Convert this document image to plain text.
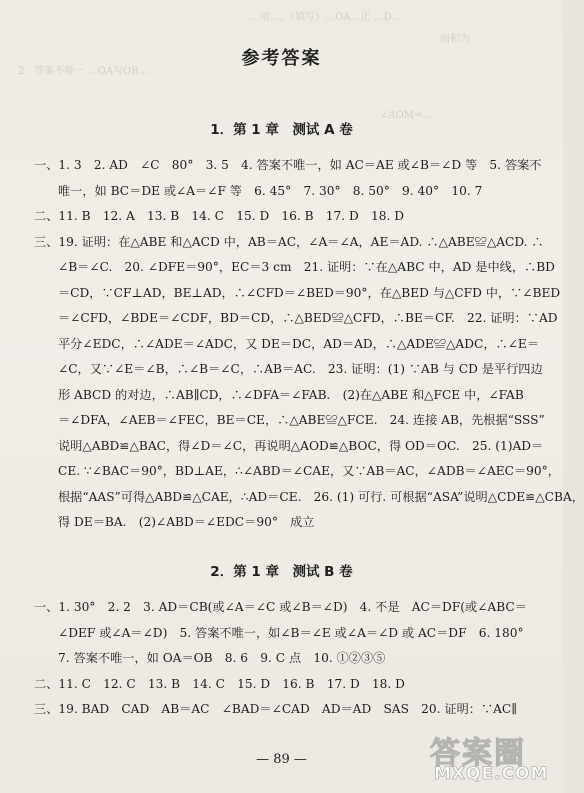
…用…，（填写）…OA…正 …D…
面积为
2．答案不唯一 …OA与OB…
∠AOM=…
参考答案
1．第 1 章　测试 A 卷
一、1. 3　2. AD　∠C　80°　3. 5　4. 答案不唯一，如 AC＝AE 或∠B＝∠D 等　5. 答案不
唯一，如 BC＝DE 或∠A＝∠F 等　6. 45°　7. 30°　8. 50°　9. 40°　10. 7
二、11. B　12. A　13. B　14. C　15. D　16. B　17. D　18. D
三、19. 证明：在△ABE 和△ACD 中，AB＝AC，∠A＝∠A，AE＝AD. ∴△ABE≌△ACD. ∴
∠B＝∠C.　20. ∠DFE＝90°，EC＝3 cm　21. 证明：∵在△ABC 中，AD 是中线，∴BD
＝CD，∵CF⊥AD，BE⊥AD，∴∠CFD＝∠BED＝90°，在△BED 与△CFD 中，∵∠BED
＝∠CFD，∠BDE＝∠CDF，BD＝CD，∴△BED≌△CFD，∴BE＝CF.　22. 证明：∵AD
平分∠EDC，∴∠ADE＝∠ADC，又 DE＝DC，AD＝AD，∴△ADE≌△ADC，∴∠E＝
∠C，又∵∠E＝∠B，∴∠B＝∠C，∴AB＝AC.　23. 证明：(1) ∵AB 与 CD 是平行四边
形 ABCD 的对边，∴AB∥CD，∴∠DFA＝∠FAB.　(2)在△ABE 和△FCE 中，∠FAB
＝∠DFA，∠AEB＝∠FEC，BE＝CE，∴△ABE≌△FCE.　24. 连接 AB，先根据“SSS”
说明△ABD≌△BAC，得∠D＝∠C，再说明△AOD≌△BOC，得 OD＝OC.　25. (1)AD＝
CE. ∵∠BAC＝90°，BD⊥AE，∴∠ABD＝∠CAE，又∵AB＝AC，∠ADB＝∠AEC＝90°，
根据“AAS”可得△ABD≌△CAE，∴AD＝CE.　26. (1) 可行. 可根据“ASA”说明△CDE≌△CBA，
得 DE＝BA.　(2)∠ABD＝∠EDC＝90°　成立
2．第 1 章　测试 B 卷
一、1. 30°　2. 2　3. AD＝CB(或∠A＝∠C 或∠B＝∠D)　4. 不是　AC＝DF(或∠ABC＝
∠DEF 或∠A＝∠D)　5. 答案不唯一，如∠B＝∠E 或∠A＝∠D 或 AC＝DF　6. 180°
7. 答案不唯一，如 OA＝OB　8. 6　9. C 点　10. ①②③⑤
二、11. C　12. C　13. B　14. C　15. D　16. B　17. D　18. D
三、19. BAD　CAD　AB＝AC　∠BAD＝∠CAD　AD＝AD　SAS　20. 证明：∵AC∥
— 89 —	答案圈
MXQE.COM
